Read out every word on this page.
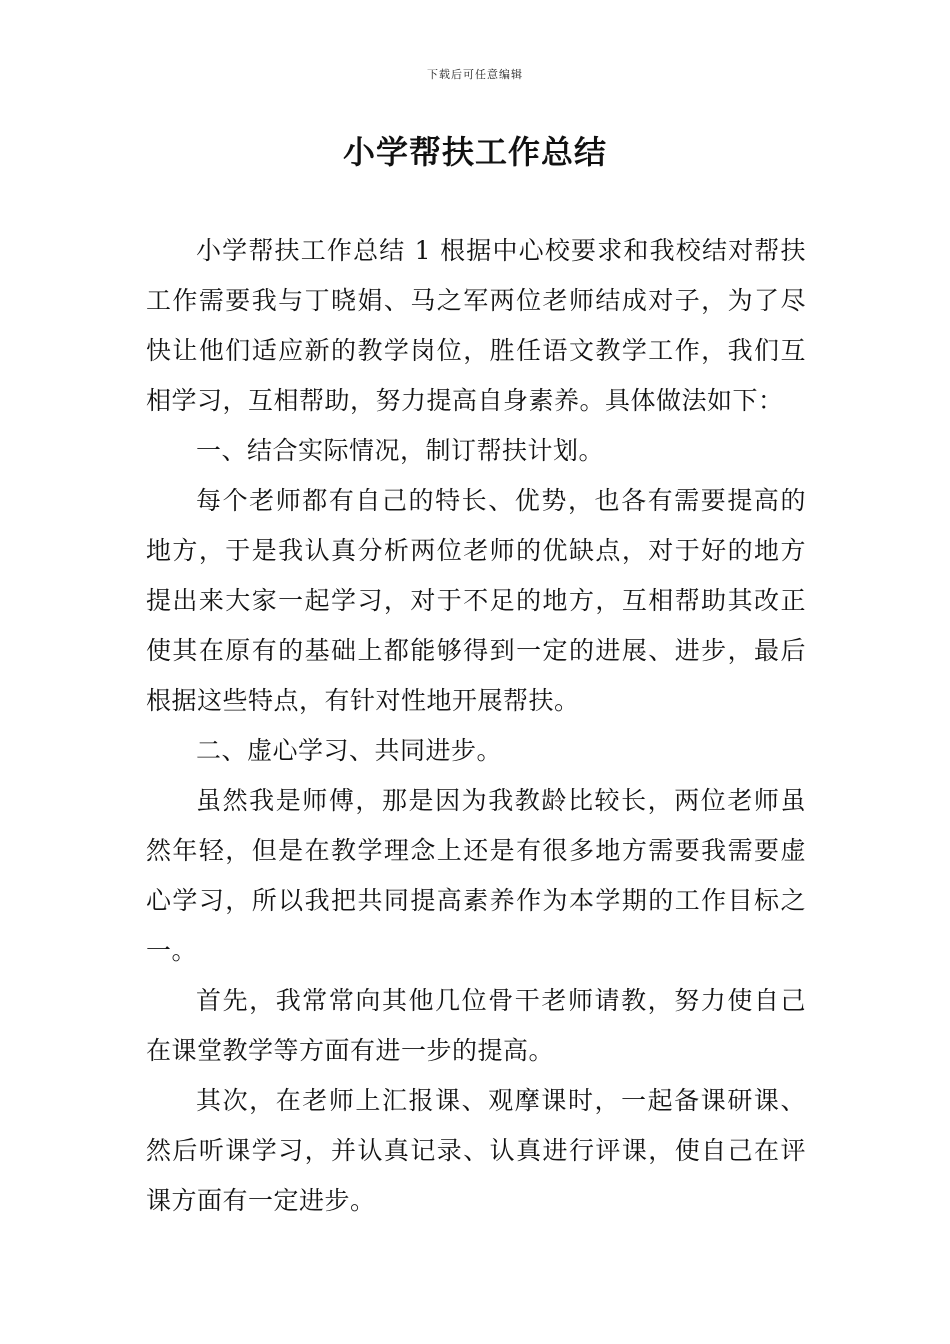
下载后可任意编辑
小学帮扶工作总结

小学帮扶工作总结 1 根据中心校要求和我校结对帮扶工作需要我与丁晓娟、马之军两位老师结成对子，为了尽快让他们适应新的教学岗位，胜任语文教学工作，我们互相学习，互相帮助，努力提高自身素养。具体做法如下：

一、结合实际情况，制订帮扶计划。

每个老师都有自己的特长、优势，也各有需要提高的地方，于是我认真分析两位老师的优缺点，对于好的地方提出来大家一起学习，对于不足的地方，互相帮助其改正使其在原有的基础上都能够得到一定的进展、进步，最后根据这些特点，有针对性地开展帮扶。

二、虚心学习、共同进步。

虽然我是师傅，那是因为我教龄比较长，两位老师虽然年轻，但是在教学理念上还是有很多地方需要我需要虚心学习，所以我把共同提高素养作为本学期的工作目标之一。

首先，我常常向其他几位骨干老师请教，努力使自己在课堂教学等方面有进一步的提高。

其次，在老师上汇报课、观摩课时，一起备课研课、然后听课学习，并认真记录、认真进行评课，使自己在评课方面有一定进步。
